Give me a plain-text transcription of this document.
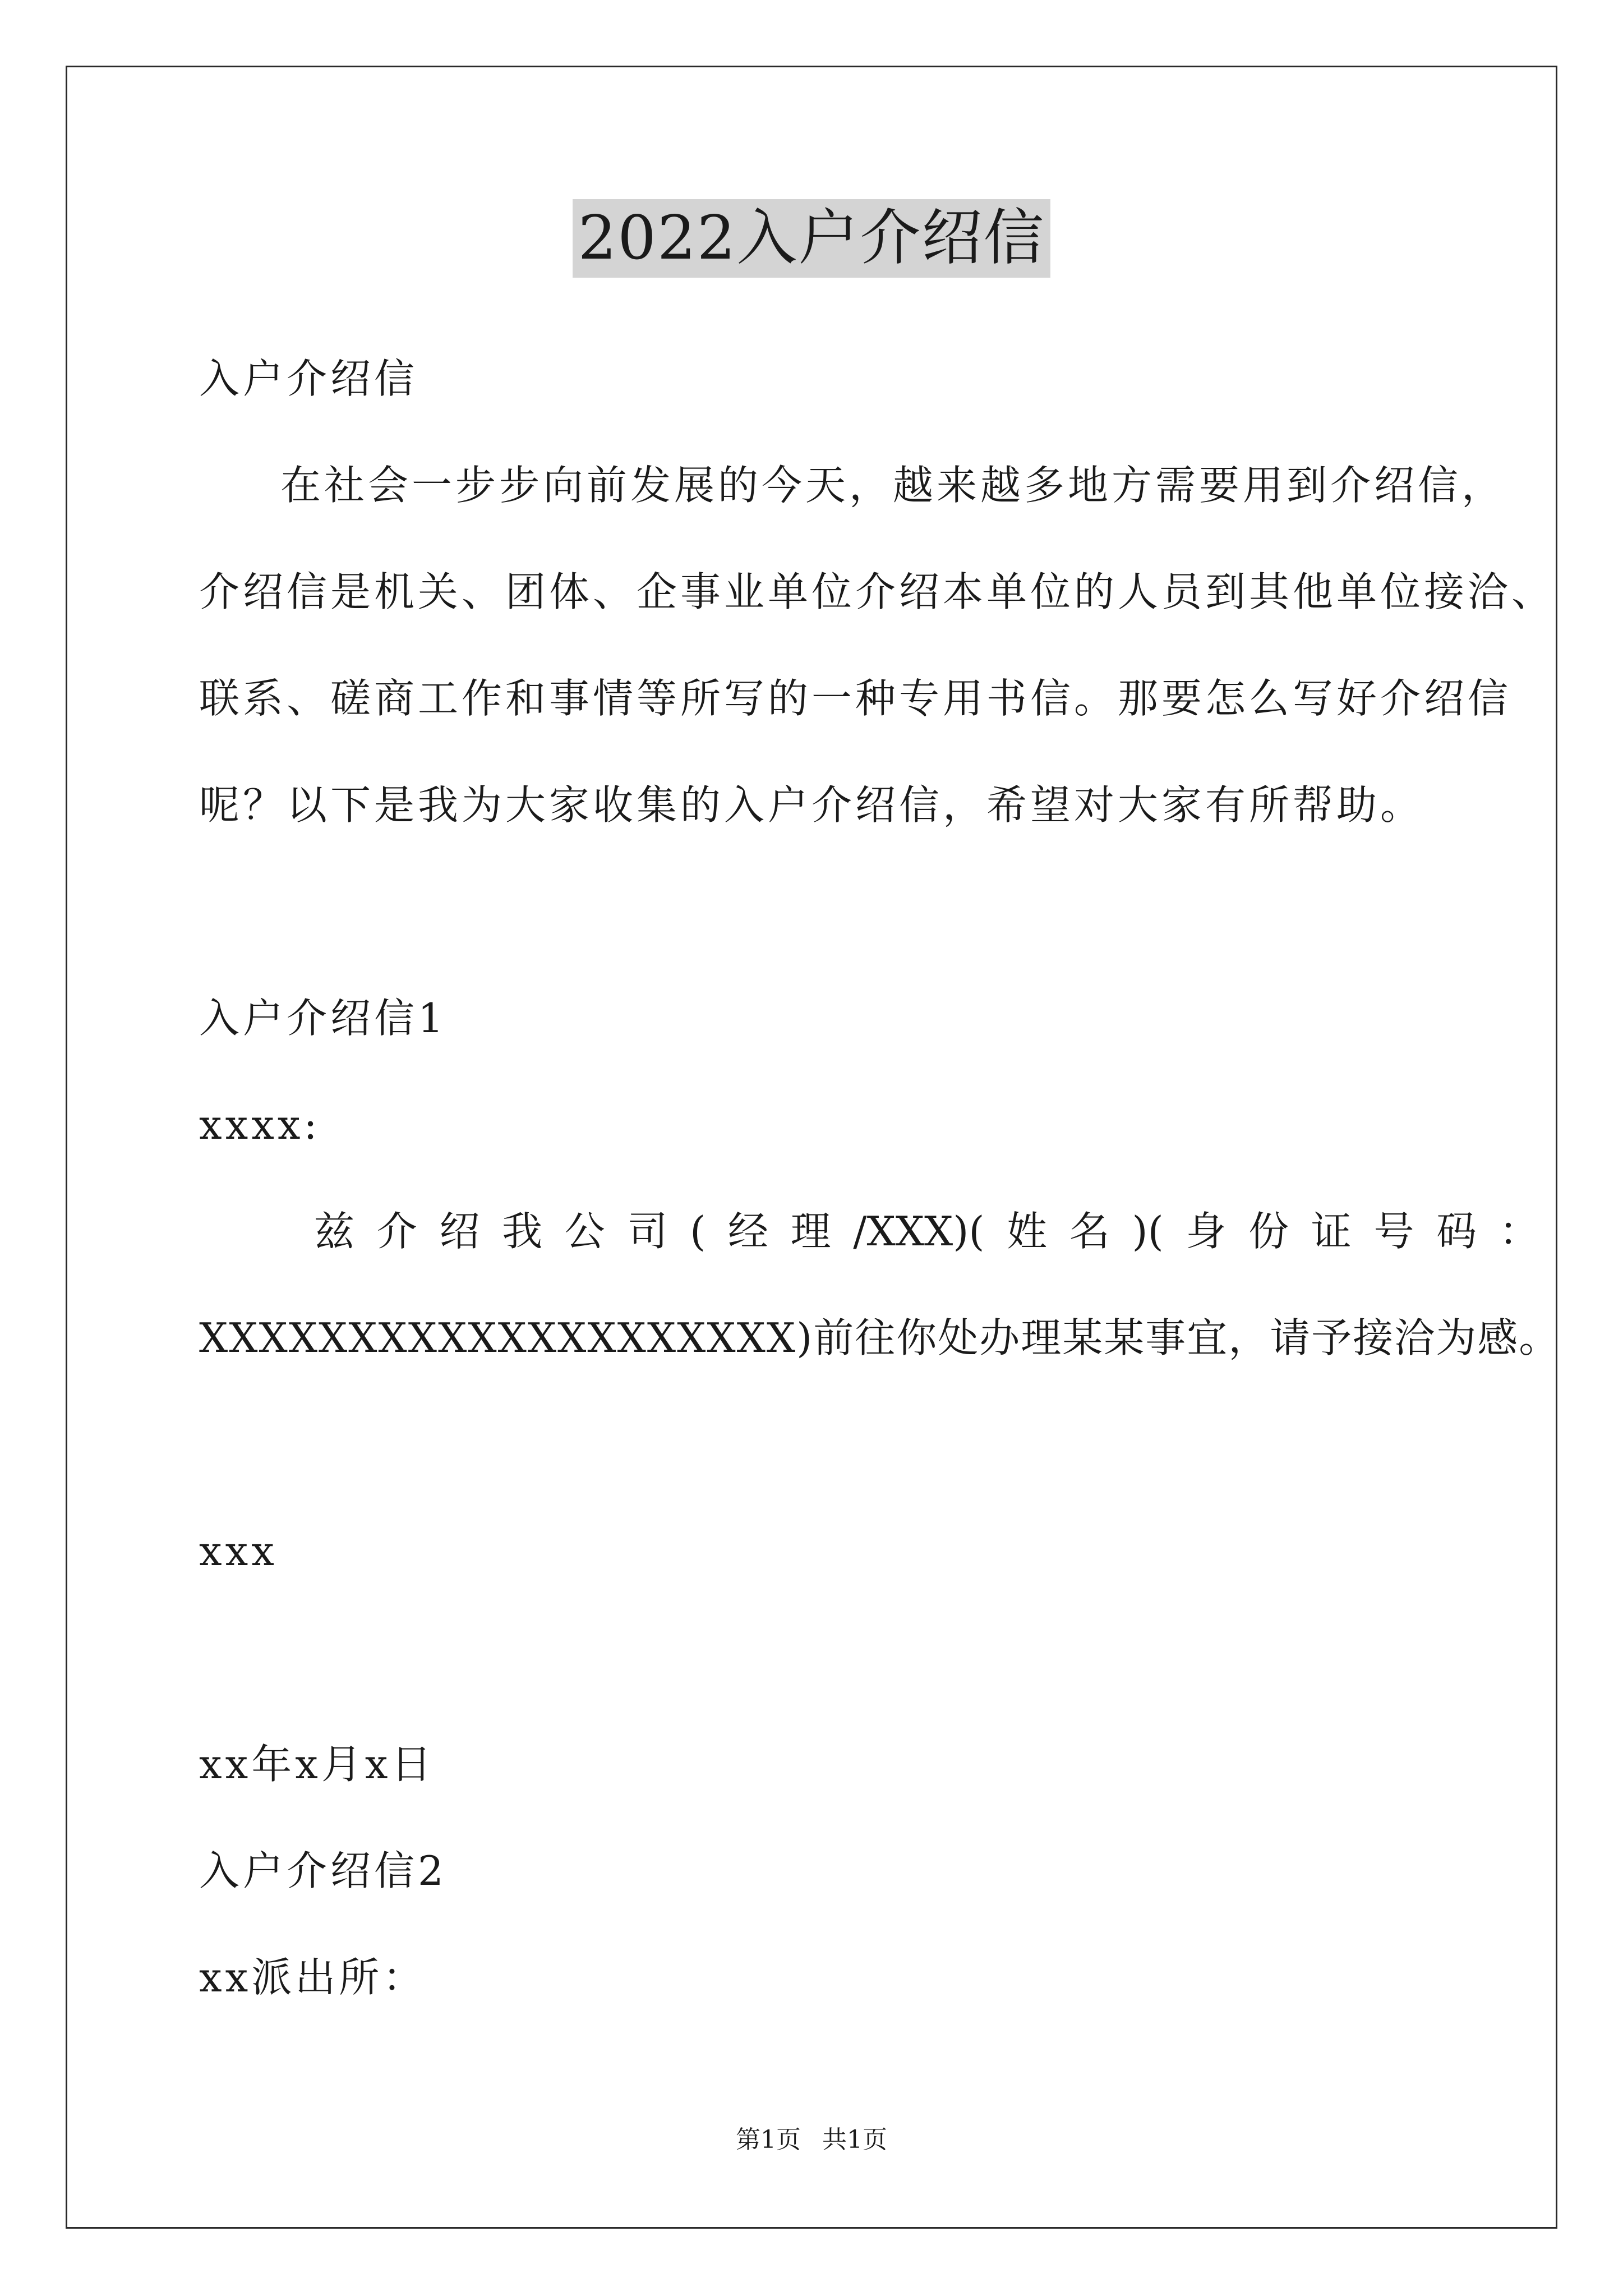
2022入户介绍信
入户介绍信
在社会一步步向前发展的今天，越来越多地方需要用到介绍信，
介绍信是机关、团体、企事业单位介绍本单位的人员到其他单位接洽、
联系、磋商工作和事情等所写的一种专用书信。那要怎么写好介绍信
呢？以下是我为大家收集的入户介绍信，希望对大家有所帮助。
入户介绍信1
xxxx:
兹 介 绍 我 公 司 ( 经 理 /XXX)( 姓 名 )( 身 份 证 号 码 ：
XXXXXXXXXXXXXXXXXXXX)前往你处办理某某事宜，请予接洽为感。
xxx
xx年x月x日
入户介绍信2
xx派出所：
第1页 共1页
